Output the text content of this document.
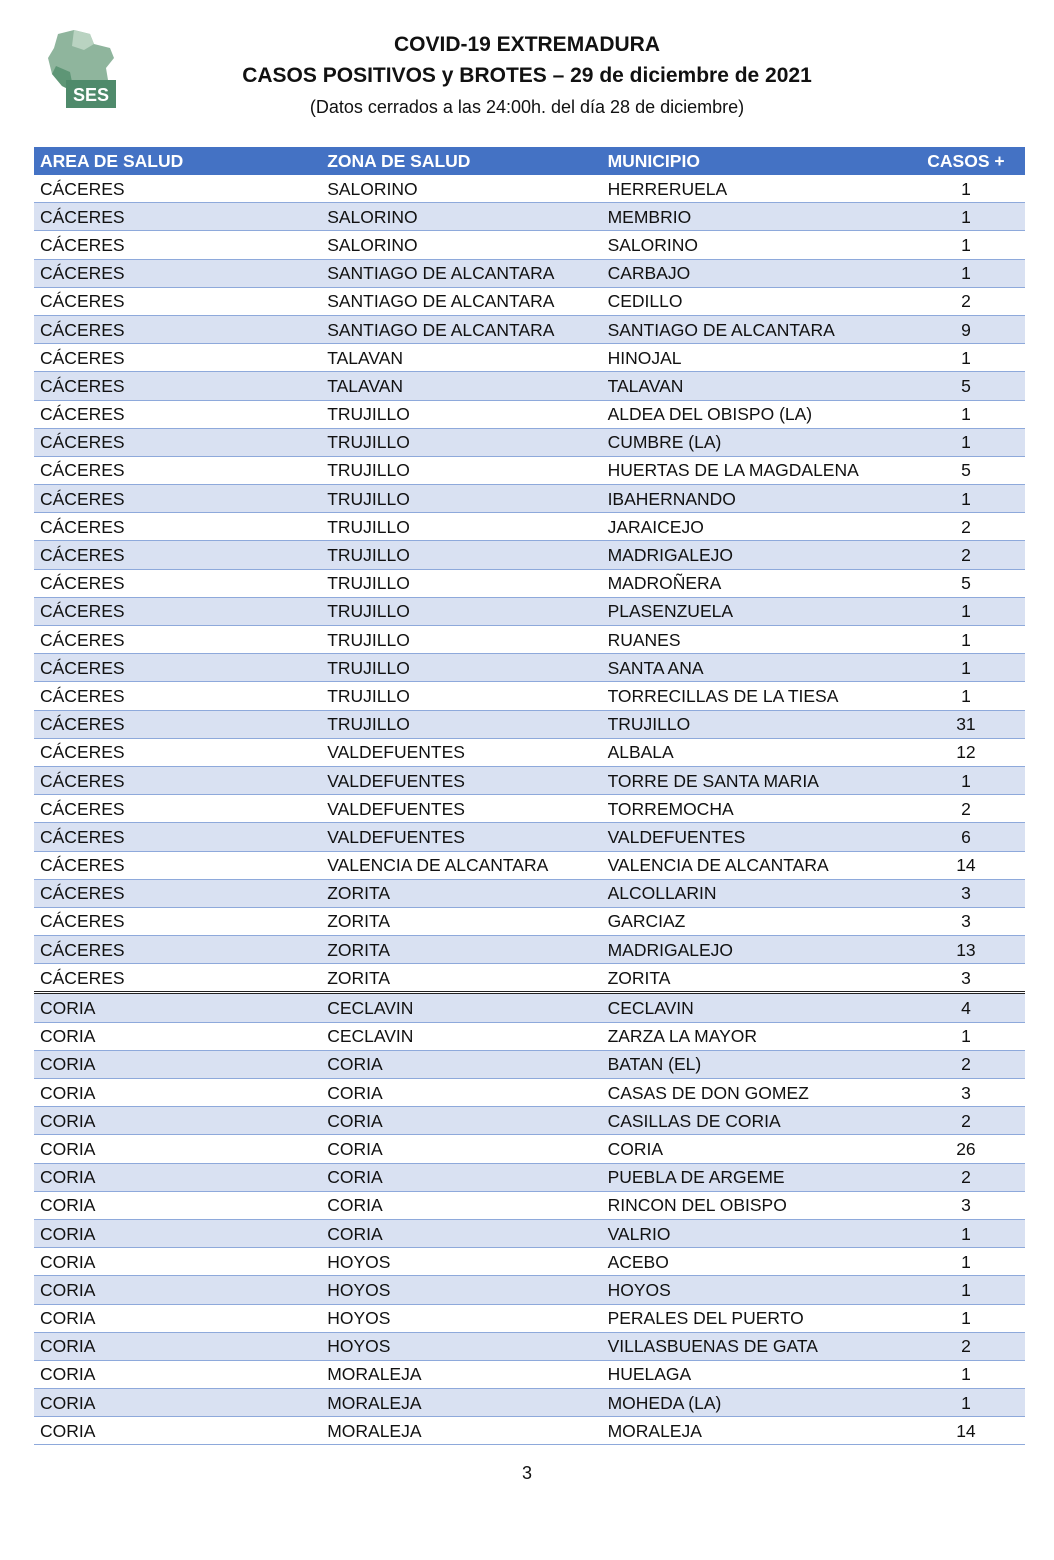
SES
COVID-19 EXTREMADURA
CASOS POSITIVOS y BROTES – 29 de diciembre de 2021
(Datos cerrados a las 24:00h. del día 28 de diciembre)
AREA DE SALUD	ZONA DE SALUD	MUNICIPIO	CASOS +
CÁCERES	SALORINO	HERRERUELA	1
CÁCERES	SALORINO	MEMBRIO	1
CÁCERES	SALORINO	SALORINO	1
CÁCERES	SANTIAGO DE ALCANTARA	CARBAJO	1
CÁCERES	SANTIAGO DE ALCANTARA	CEDILLO	2
CÁCERES	SANTIAGO DE ALCANTARA	SANTIAGO DE ALCANTARA	9
CÁCERES	TALAVAN	HINOJAL	1
CÁCERES	TALAVAN	TALAVAN	5
CÁCERES	TRUJILLO	ALDEA DEL OBISPO (LA)	1
CÁCERES	TRUJILLO	CUMBRE (LA)	1
CÁCERES	TRUJILLO	HUERTAS DE LA MAGDALENA	5
CÁCERES	TRUJILLO	IBAHERNANDO	1
CÁCERES	TRUJILLO	JARAICEJO	2
CÁCERES	TRUJILLO	MADRIGALEJO	2
CÁCERES	TRUJILLO	MADROÑERA	5
CÁCERES	TRUJILLO	PLASENZUELA	1
CÁCERES	TRUJILLO	RUANES	1
CÁCERES	TRUJILLO	SANTA ANA	1
CÁCERES	TRUJILLO	TORRECILLAS DE LA TIESA	1
CÁCERES	TRUJILLO	TRUJILLO	31
CÁCERES	VALDEFUENTES	ALBALA	12
CÁCERES	VALDEFUENTES	TORRE DE SANTA MARIA	1
CÁCERES	VALDEFUENTES	TORREMOCHA	2
CÁCERES	VALDEFUENTES	VALDEFUENTES	6
CÁCERES	VALENCIA DE ALCANTARA	VALENCIA DE ALCANTARA	14
CÁCERES	ZORITA	ALCOLLARIN	3
CÁCERES	ZORITA	GARCIAZ	3
CÁCERES	ZORITA	MADRIGALEJO	13
CÁCERES	ZORITA	ZORITA	3
CORIA	CECLAVIN	CECLAVIN	4
CORIA	CECLAVIN	ZARZA LA MAYOR	1
CORIA	CORIA	BATAN (EL)	2
CORIA	CORIA	CASAS DE DON GOMEZ	3
CORIA	CORIA	CASILLAS DE CORIA	2
CORIA	CORIA	CORIA	26
CORIA	CORIA	PUEBLA DE ARGEME	2
CORIA	CORIA	RINCON DEL OBISPO	3
CORIA	CORIA	VALRIO	1
CORIA	HOYOS	ACEBO	1
CORIA	HOYOS	HOYOS	1
CORIA	HOYOS	PERALES DEL PUERTO	1
CORIA	HOYOS	VILLASBUENAS DE GATA	2
CORIA	MORALEJA	HUELAGA	1
CORIA	MORALEJA	MOHEDA (LA)	1
CORIA	MORALEJA	MORALEJA	14
3
